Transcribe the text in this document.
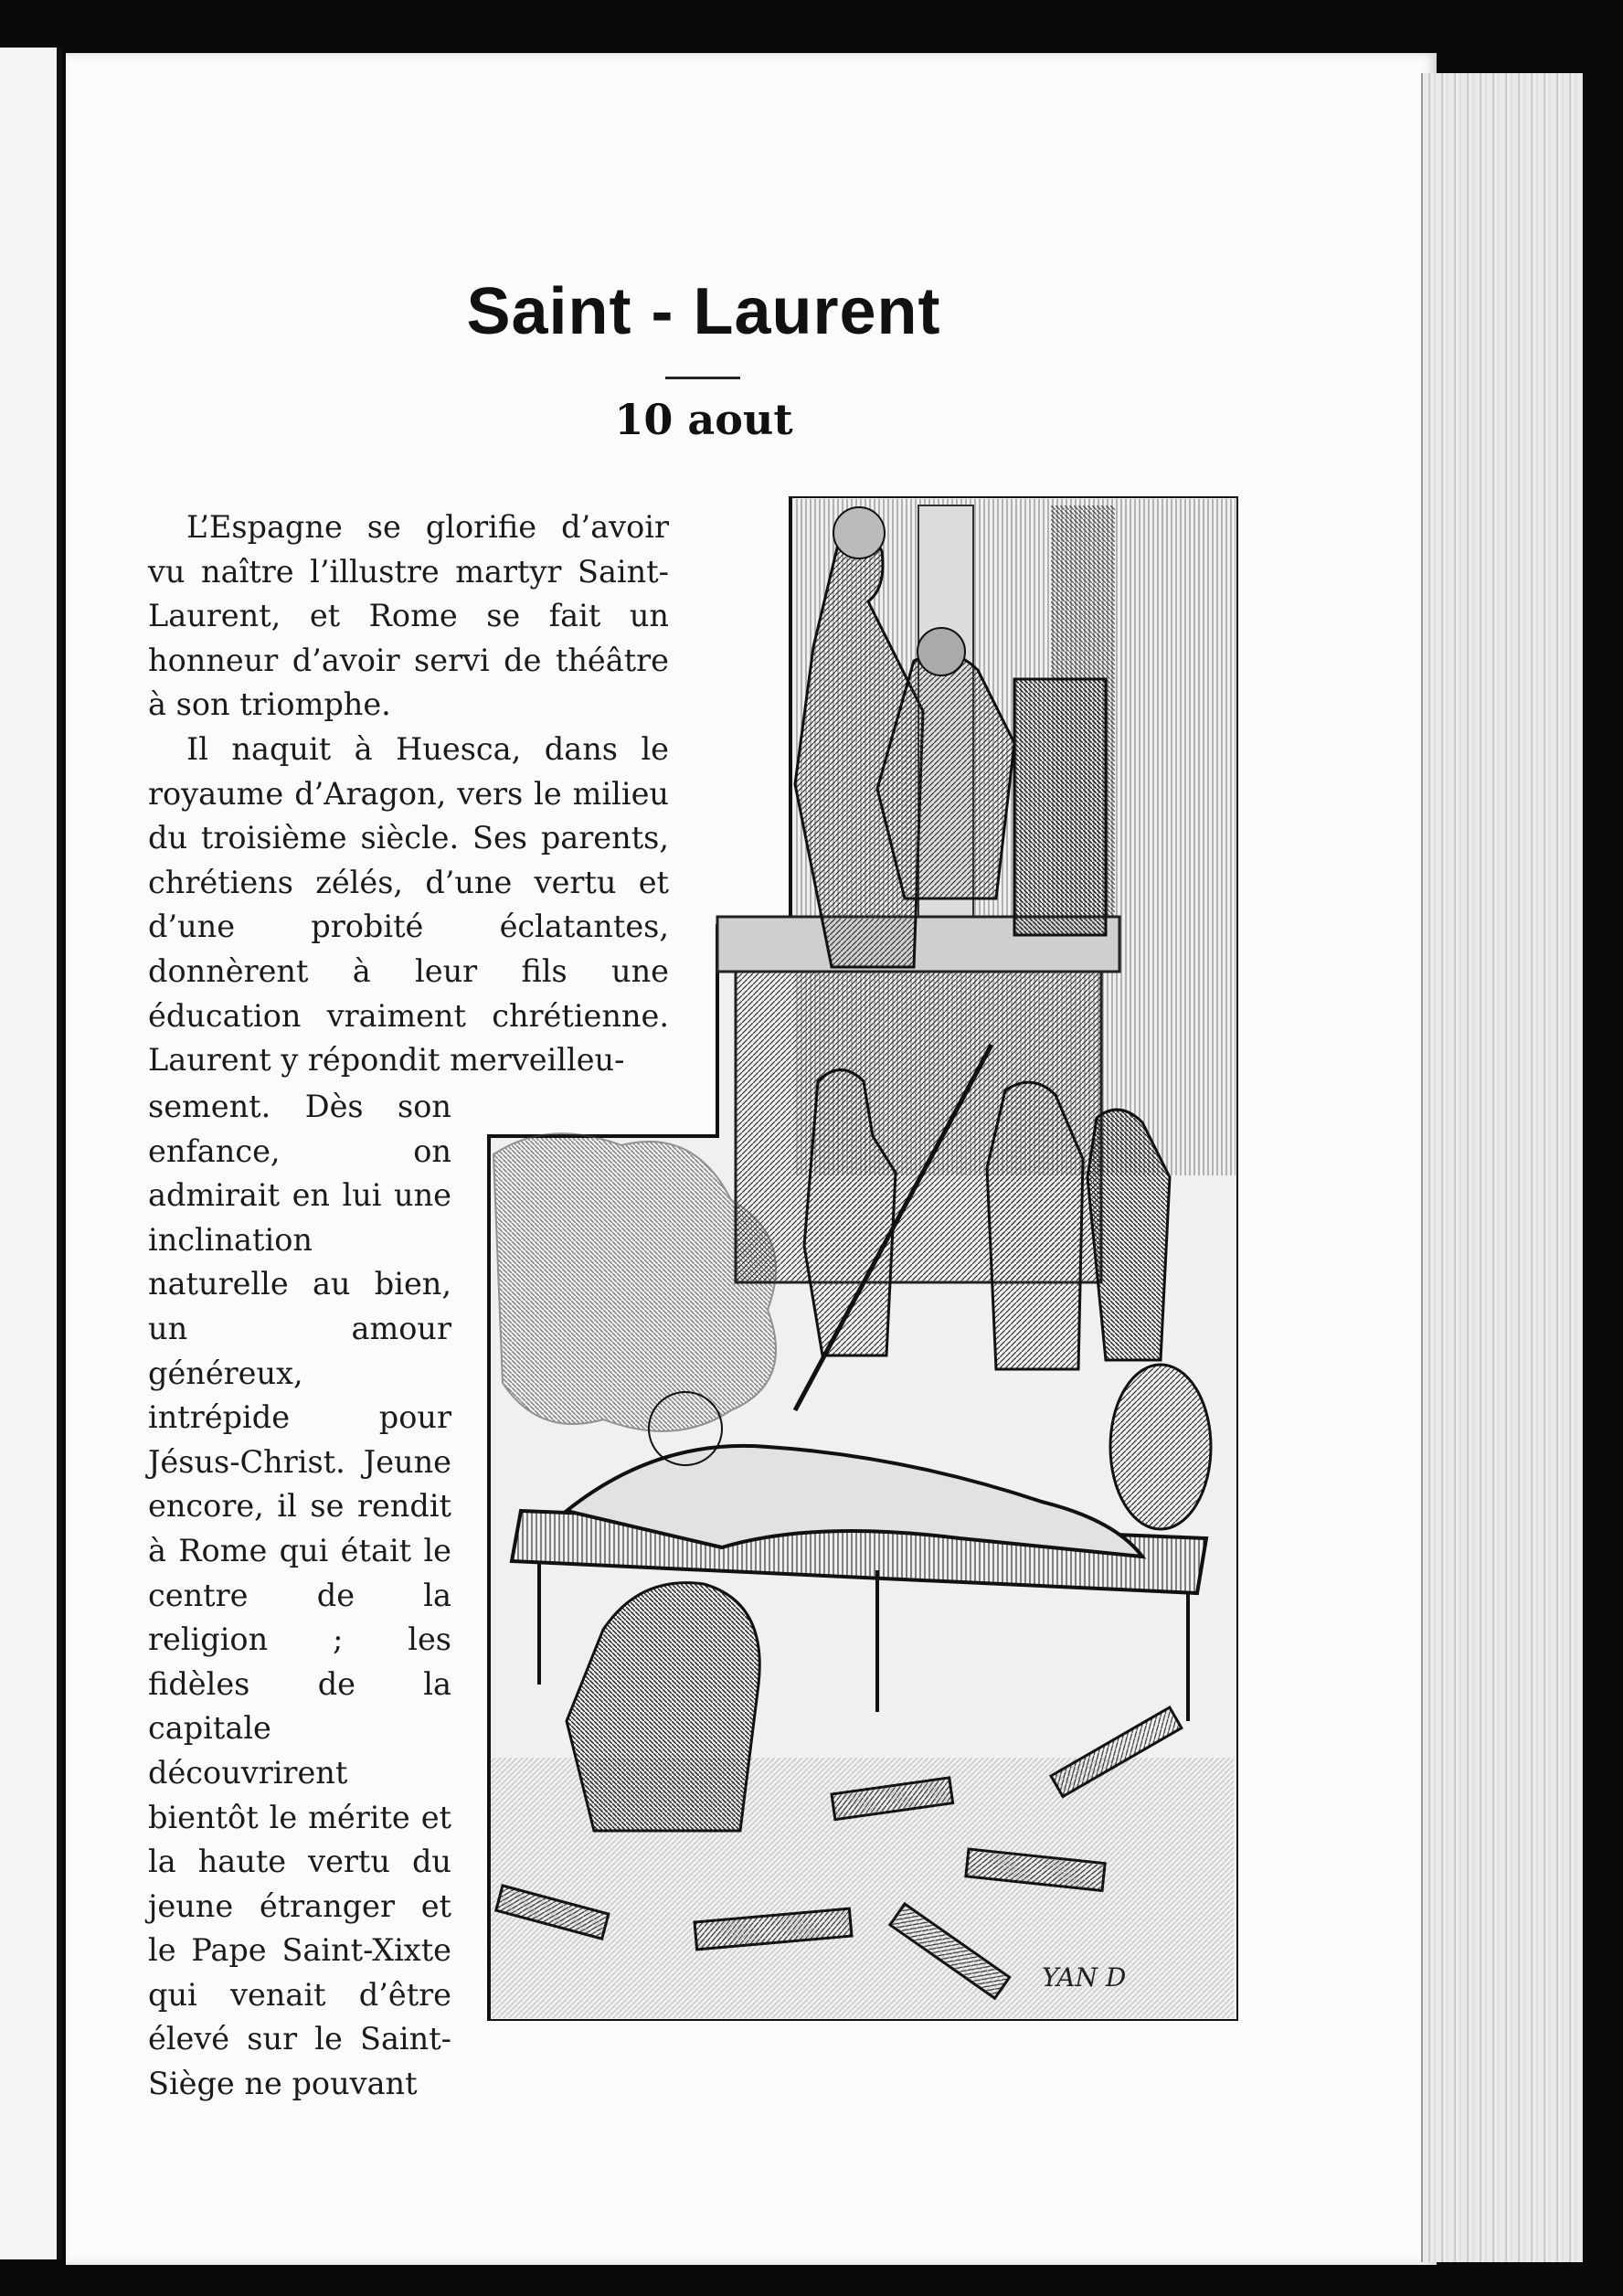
Saint - Laurent
10 aout

L’Espagne se glorifie d’avoir vu naître l’illustre martyr Saint-Laurent, et Rome se fait un honneur d’avoir servi de théâtre à son triomphe.

Il naquit à Huesca, dans le royaume d’Aragon, vers le milieu du troisième siècle. Ses parents, chrétiens zélés, d’une vertu et d’une probité éclatantes, donnèrent à leur fils une éducation vraiment chrétienne. Laurent y répondit merveilleu-

sement. Dès son enfance, on admirait en lui une inclination naturelle au bien, un amour généreux, intrépide pour Jésus-Christ. Jeune encore, il se rendit à Rome qui était le centre de la religion ; les fidèles de la capitale découvrirent bientôt le mérite et la haute vertu du jeune étranger et le Pape Saint-Xixte qui venait d’être élevé sur le Saint-Siège ne pouvant

YAN D
